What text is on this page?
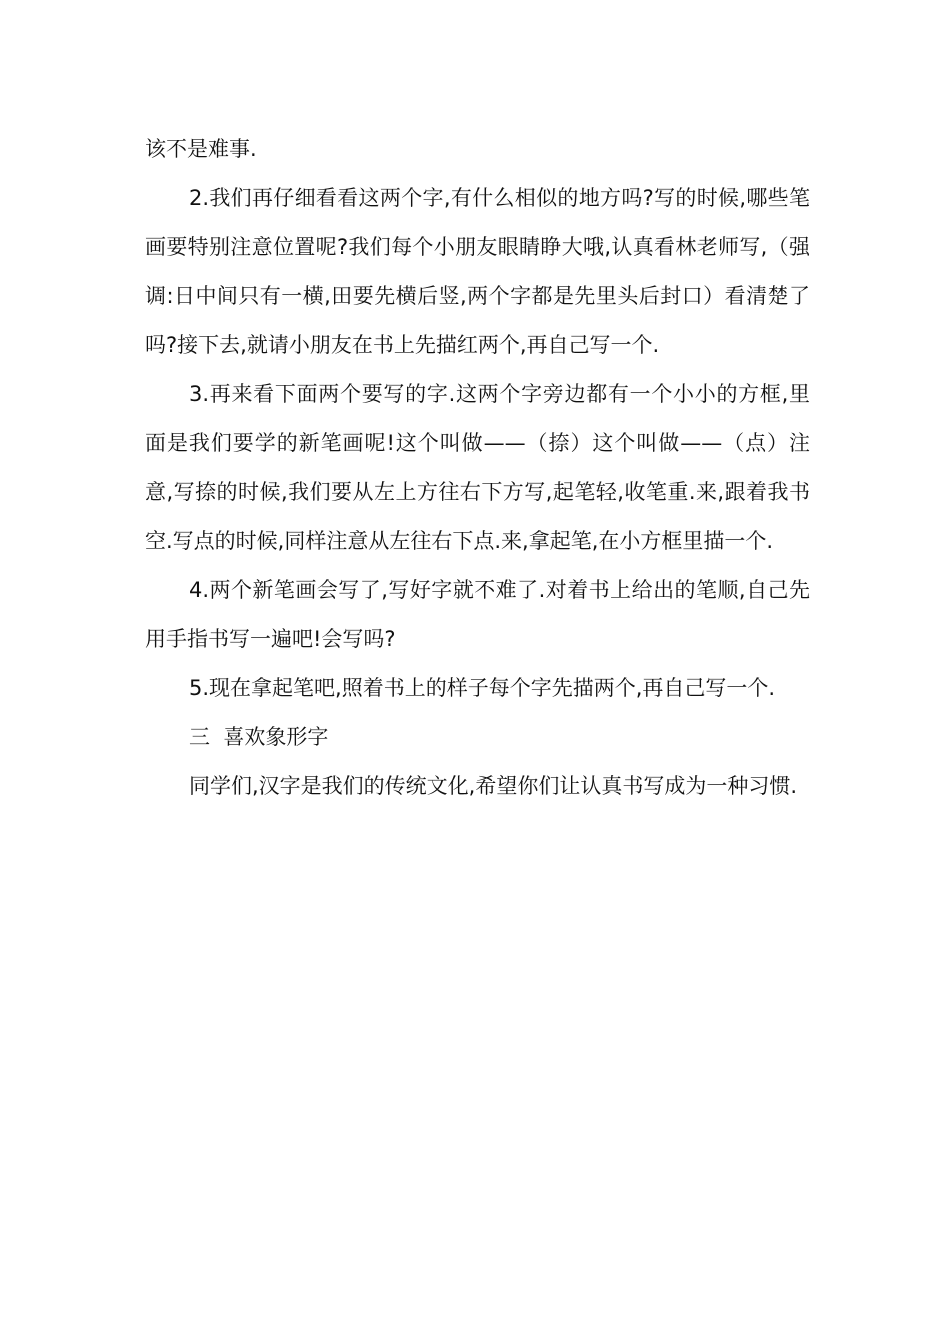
该不是难事.

2.我们再仔细看看这两个字,有什么相似的地方吗?写的时候,哪些笔画要特别注意位置呢?我们每个小朋友眼睛睁大哦,认真看林老师写,（强调:日中间只有一横,田要先横后竖,两个字都是先里头后封口）看清楚了吗?接下去,就请小朋友在书上先描红两个,再自己写一个.

3.再来看下面两个要写的字.这两个字旁边都有一个小小的方框,里面是我们要学的新笔画呢!这个叫做——（捺）这个叫做——（点）注意,写捺的时候,我们要从左上方往右下方写,起笔轻,收笔重.来,跟着我书空.写点的时候,同样注意从左往右下点.来,拿起笔,在小方框里描一个.

4.两个新笔画会写了,写好字就不难了.对着书上给出的笔顺,自己先用手指书写一遍吧!会写吗?

5.现在拿起笔吧,照着书上的样子每个字先描两个,再自己写一个.

三  喜欢象形字

同学们,汉字是我们的传统文化,希望你们让认真书写成为一种习惯.
